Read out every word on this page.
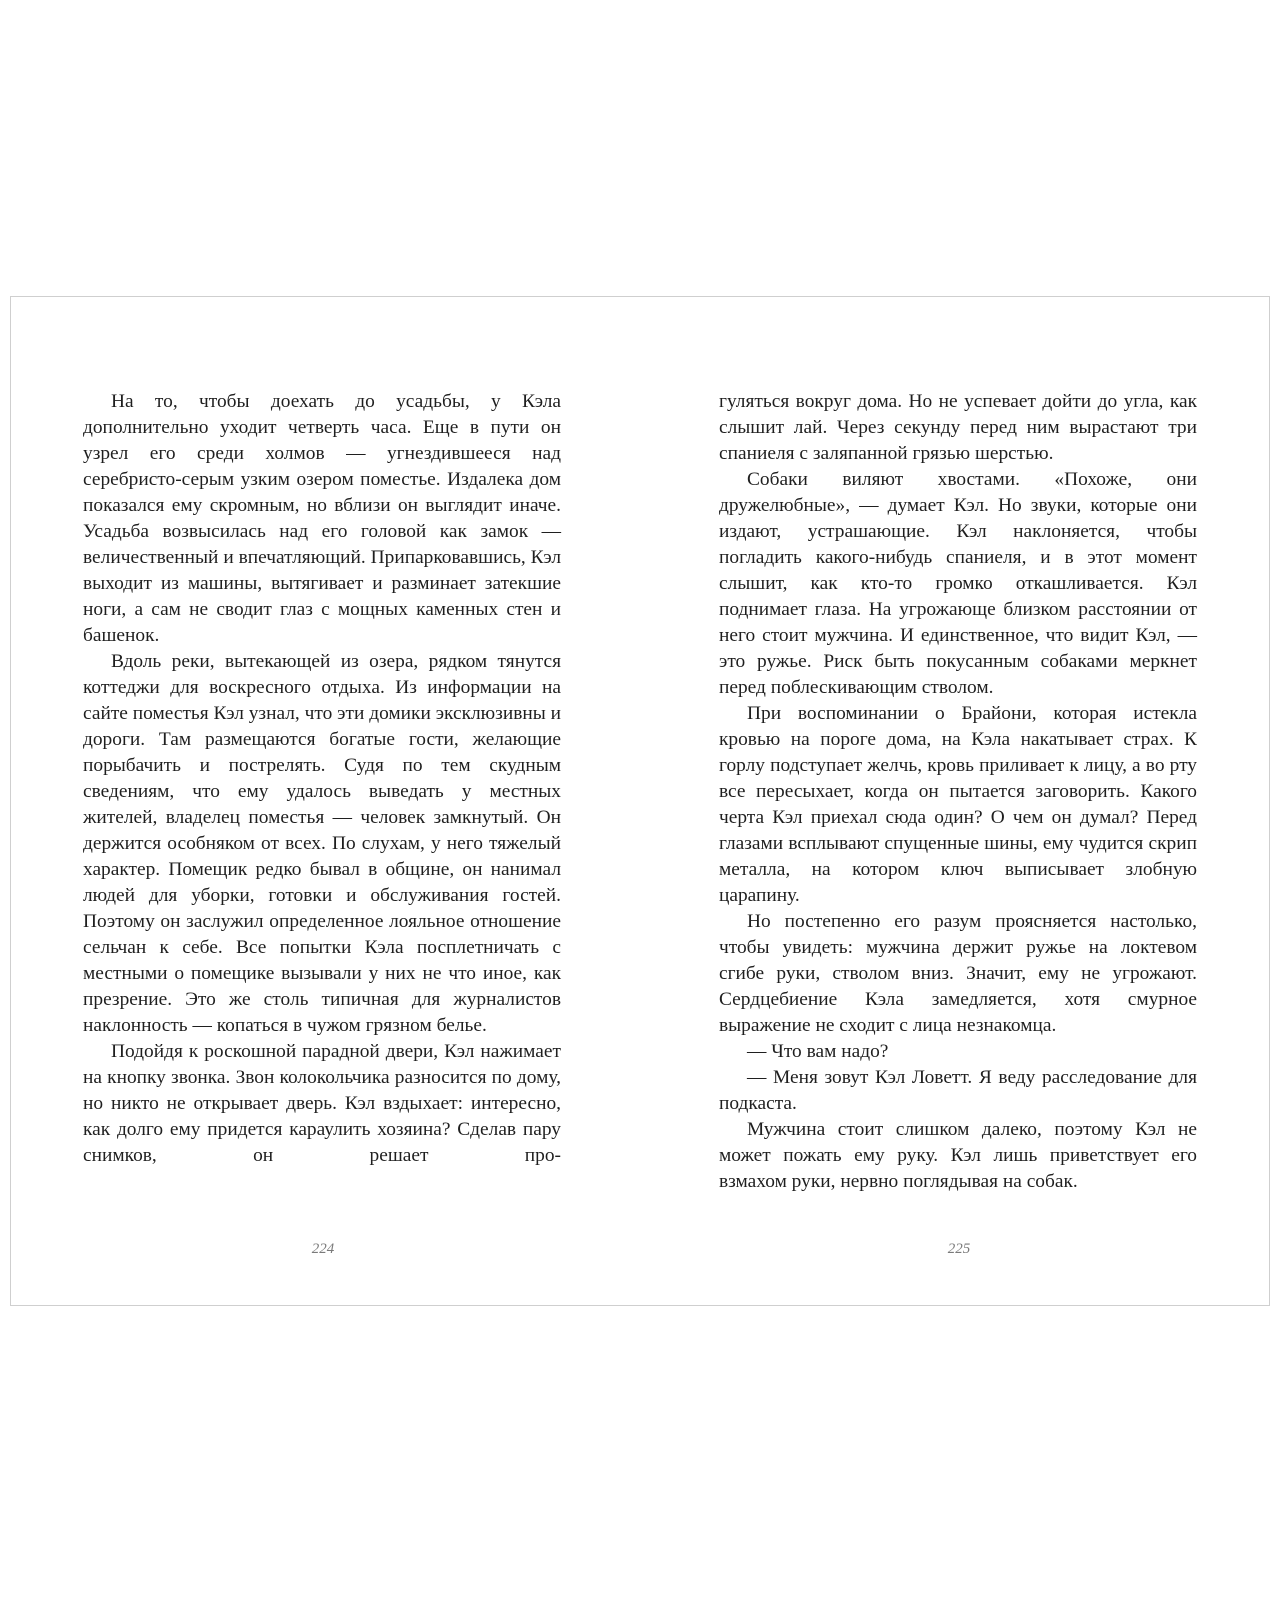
На то, чтобы доехать до усадьбы, у Кэла дополнительно уходит четверть часа. Еще в пути он узрел его среди холмов — угнездившееся над серебристо-серым узким озером поместье. Издалека дом показался ему скромным, но вблизи он выглядит иначе. Усадьба возвысилась над его головой как замок — величественный и впечатляющий. Припарковавшись, Кэл выходит из машины, вытягивает и разминает затекшие ноги, а сам не сводит глаз с мощных каменных стен и башенок.

Вдоль реки, вытекающей из озера, рядком тянутся коттеджи для воскресного отдыха. Из информации на сайте поместья Кэл узнал, что эти домики эксклюзивны и дороги. Там размещаются богатые гости, желающие порыбачить и пострелять. Судя по тем скудным сведениям, что ему удалось выведать у местных жителей, владелец поместья — человек замкнутый. Он держится особняком от всех. По слухам, у него тяжелый характер. Помещик редко бывал в общине, он нанимал людей для уборки, готовки и обслуживания гостей. Поэтому он заслужил определенное лояльное отношение сельчан к себе. Все попытки Кэла посплетничать с местными о помещике вызывали у них не что иное, как презрение. Это же столь типичная для журналистов наклонность — копаться в чужом грязном белье.

Подойдя к роскошной парадной двери, Кэл нажимает на кнопку звонка. Звон колокольчика разносится по дому, но никто не открывает дверь. Кэл вздыхает: интересно, как долго ему придется караулить хозяина? Сделав пару снимков, он решает про-

гуляться вокруг дома. Но не успевает дойти до угла, как слышит лай. Через секунду перед ним вырастают три спаниеля с заляпанной грязью шерстью.

Собаки виляют хвостами. «Похоже, они дружелюбные», — думает Кэл. Но звуки, которые они издают, устрашающие. Кэл наклоняется, чтобы погладить какого-нибудь спаниеля, и в этот момент слышит, как кто-то громко откашливается. Кэл поднимает глаза. На угрожающе близком расстоянии от него стоит мужчина. И единственное, что видит Кэл, — это ружье. Риск быть покусанным собаками меркнет перед поблескивающим стволом.

При воспоминании о Брайони, которая истекла кровью на пороге дома, на Кэла накатывает страх. К горлу подступает желчь, кровь приливает к лицу, а во рту все пересыхает, когда он пытается заговорить. Какого черта Кэл приехал сюда один? О чем он думал? Перед глазами всплывают спущенные шины, ему чудится скрип металла, на котором ключ выписывает злобную царапину.

Но постепенно его разум проясняется настолько, чтобы увидеть: мужчина держит ружье на локтевом сгибе руки, стволом вниз. Значит, ему не угрожают. Сердцебиение Кэла замедляется, хотя смурное выражение не сходит с лица незнакомца.

— Что вам надо?

— Меня зовут Кэл Ловетт. Я веду расследование для подкаста.

Мужчина стоит слишком далеко, поэтому Кэл не может пожать ему руку. Кэл лишь приветствует его взмахом руки, нервно поглядывая на собак.

224	225
